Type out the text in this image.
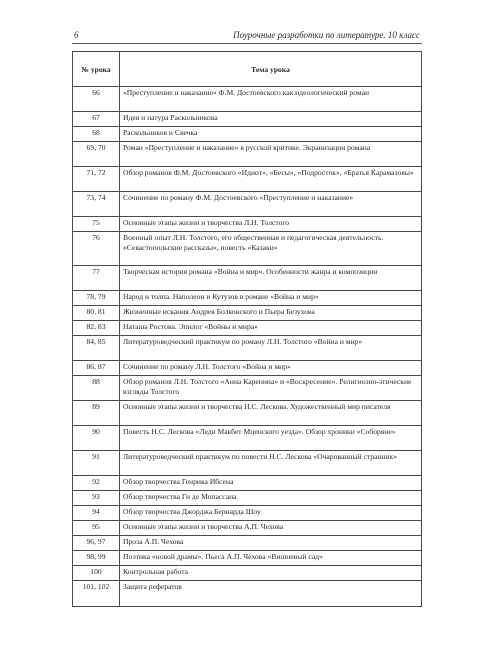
6	Поурочные разработки по литературе. 10 класс
№ урока	Тема урока
66	«Преступление и наказание» Ф.М. Достоевского как идеологический роман
67	Идея и натура Раскольникова
68	Раскольников и Свечка
69, 70	Роман «Преступление и наказание» в русской критике. Экранизации романа
71, 72	Обзор романов Ф.М. Достоевского «Идиот», «Бесы», «Подросток», «Братья Карамазовы»
73, 74	Сочинение по роману Ф.М. Достоевского «Преступление и наказание»
75	Основные этапы жизни и творчества Л.Н. Толстого
76	Военный опыт Л.Н. Толстого, его общественная и педагогическая деятельность. «Севастопольские рассказы», повесть «Казаки»
77	Творческая история романа «Война и мир». Особенности жанра и композиции
78, 79	Народ и толпа. Наполеон и Кутузов в романе «Война и мир»
80, 81	Жизненные искания Андрея Болконского и Пьера Безухова
82, 83	Наташа Ростова. Эпилог «Войны и мира»
84, 85	Литературоведческий практикум по роману Л.Н. Толстого «Война и мир»
86, 87	Сочинение по роману Л.Н. Толстого «Война и мир»
88	Обзор романов Л.Н. Толстого «Анна Каренина» и «Воскресение». Религиозно-этические взгляды Толстого
89	Основные этапы жизни и творчества Н.С. Лескова. Художественный мир писателя
90	Повесть Н.С. Лескова «Леди Макбет Мценского уезда». Обзор хроники «Соборяне»
91	Литературоведческий практикум по повести Н.С. Лескова «Очарованный странник»
92	Обзор творчества Генрика Ибсена
93	Обзор творчества Ги де Мопассана
94	Обзор творчества Джорджа Бернарда Шоу
95	Основные этапы жизни и творчества А.П. Чехова
96, 97	Проза А.П. Чехова
98, 99	Поэтика «новой драмы». Пьеса А.П. Чехова «Вишневый сад»
100	Контрольная работа
101, 102	Защита рефератов
